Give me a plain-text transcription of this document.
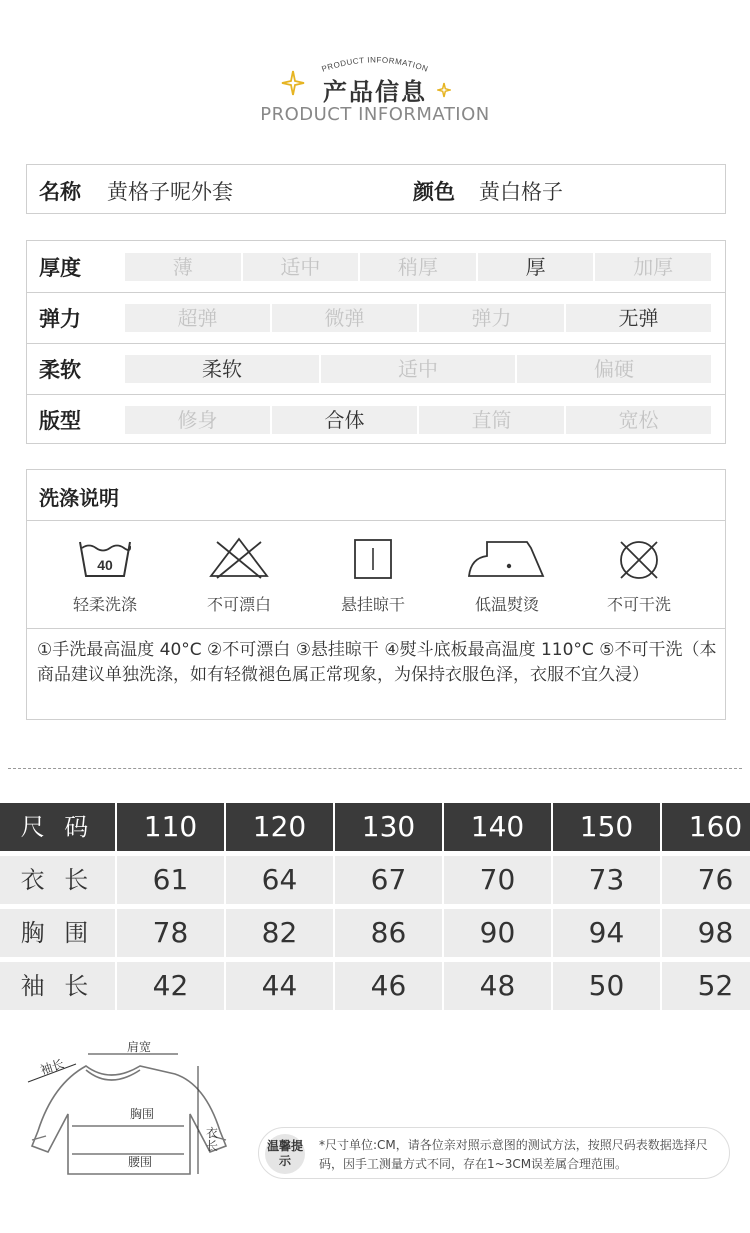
PRODUCT INFORMATION
产品信息
PRODUCT INFORMATION
名称 黄格子呢外套	颜色 黄白格子
厚度	薄	适中	稍厚	厚	加厚
弹力	超弹	微弹	弹力	无弹
柔软	柔软	适中	偏硬
版型	修身	合体	直筒	宽松
洗涤说明
40
轻柔洗涤	不可漂白	悬挂晾干	低温熨烫	不可干洗
①手洗最高温度 40°C ②不可漂白 ③悬挂晾干 ④熨斗底板最高温度 110°C ⑤不可干洗（本商品建议单独洗涤，如有轻微褪色属正常现象，为保持衣服色泽，衣服不宜久浸）
尺 码	110	120	130	140	150	160
衣 长	61	64	67	70	73	76
胸 围	78	82	86	90	94	98
袖 长	42	44	46	48	50	52
肩宽
袖长
胸围
腰围
衣长	温馨提示
*尺寸单位:CM，请各位亲对照示意图的测试方法，按照尺码表数据选择尺码，因手工测量方式不同，存在1~3CM误差属合理范围。
